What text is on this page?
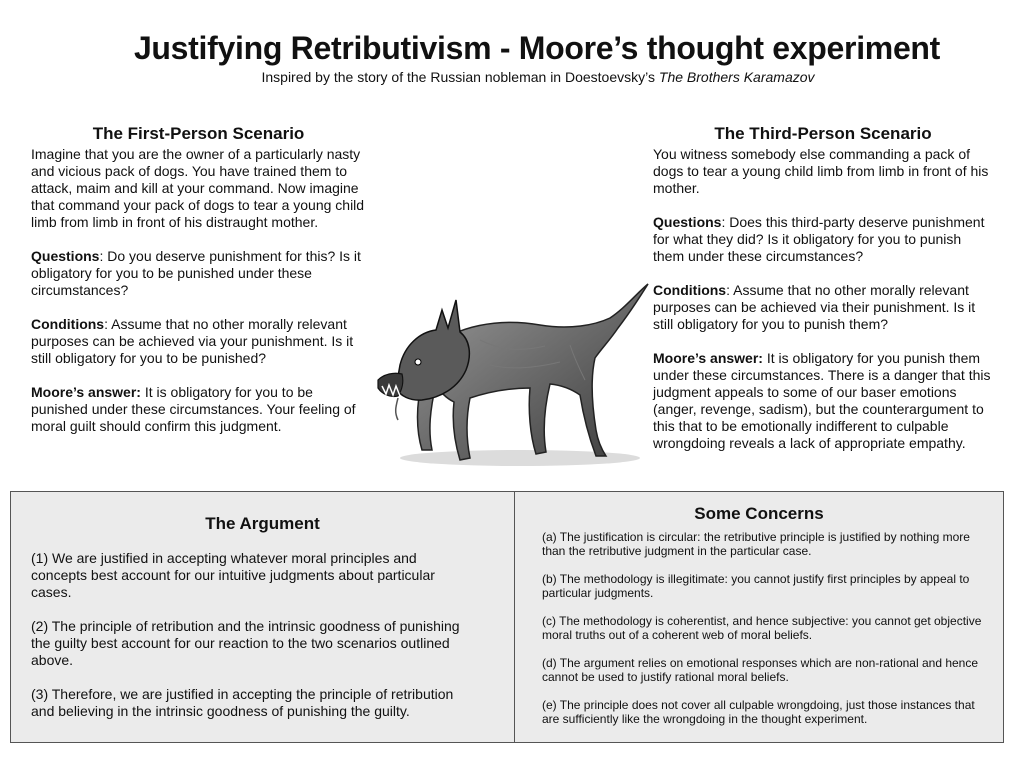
Justifying Retributivism - Moore’s thought experiment
Inspired by the story of the Russian nobleman in Doestoevsky’s The Brothers Karamazov
The First-Person Scenario

Imagine that you are the owner of a particularly nasty and vicious pack of dogs. You have trained them to attack, maim and kill at your command. Now imagine that command your pack of dogs to tear a young child limb from limb in front of his distraught mother.

Questions: Do you deserve punishment for this? Is it obligatory for you to be punished under these circumstances?

Conditions: Assume that no other morally relevant purposes can be achieved via your punishment. Is it still obligatory for you to be punished?

Moore’s answer: It is obligatory for you to be punished under these circumstances. Your feeling of moral guilt should confirm this judgment.

The Third-Person Scenario

You witness somebody else commanding a pack of dogs to tear a young child limb from limb in front of his mother.

Questions: Does this third-party deserve punishment for what they did? Is it obligatory for you to punish them under these circumstances?

Conditions: Assume that no other morally relevant purposes can be achieved via their punishment. Is it still obligatory for you to punish them?

Moore’s answer: It is obligatory for you punish them under these circumstances. There is a danger that this judgment appeals to some of our baser emotions (anger, revenge, sadism), but the counterargument to this that to be emotionally indifferent to culpable wrongdoing reveals a lack of appropriate empathy.

The Argument

(1) We are justified in accepting whatever moral principles and concepts best account for our intuitive judgments about particular cases.

(2) The principle of retribution and the intrinsic goodness of punishing the guilty best account for our reaction to the two scenarios outlined above.

(3) Therefore, we are justified in accepting the principle of retribution and believing in the intrinsic goodness of punishing the guilty.

Some Concerns

(a) The justification is circular: the retributive principle is justified by nothing more than the retributive judgment in the particular case.

(b) The methodology is illegitimate: you cannot justify first principles by appeal to particular judgments.

(c) The methodology is coherentist, and hence subjective: you cannot get objective moral truths out of a coherent web of moral beliefs.

(d) The argument relies on emotional responses which are non-rational and hence cannot be used to justify rational moral beliefs.

(e) The principle does not cover all culpable wrongdoing, just those instances that are sufficiently like the wrongdoing in the thought experiment.
